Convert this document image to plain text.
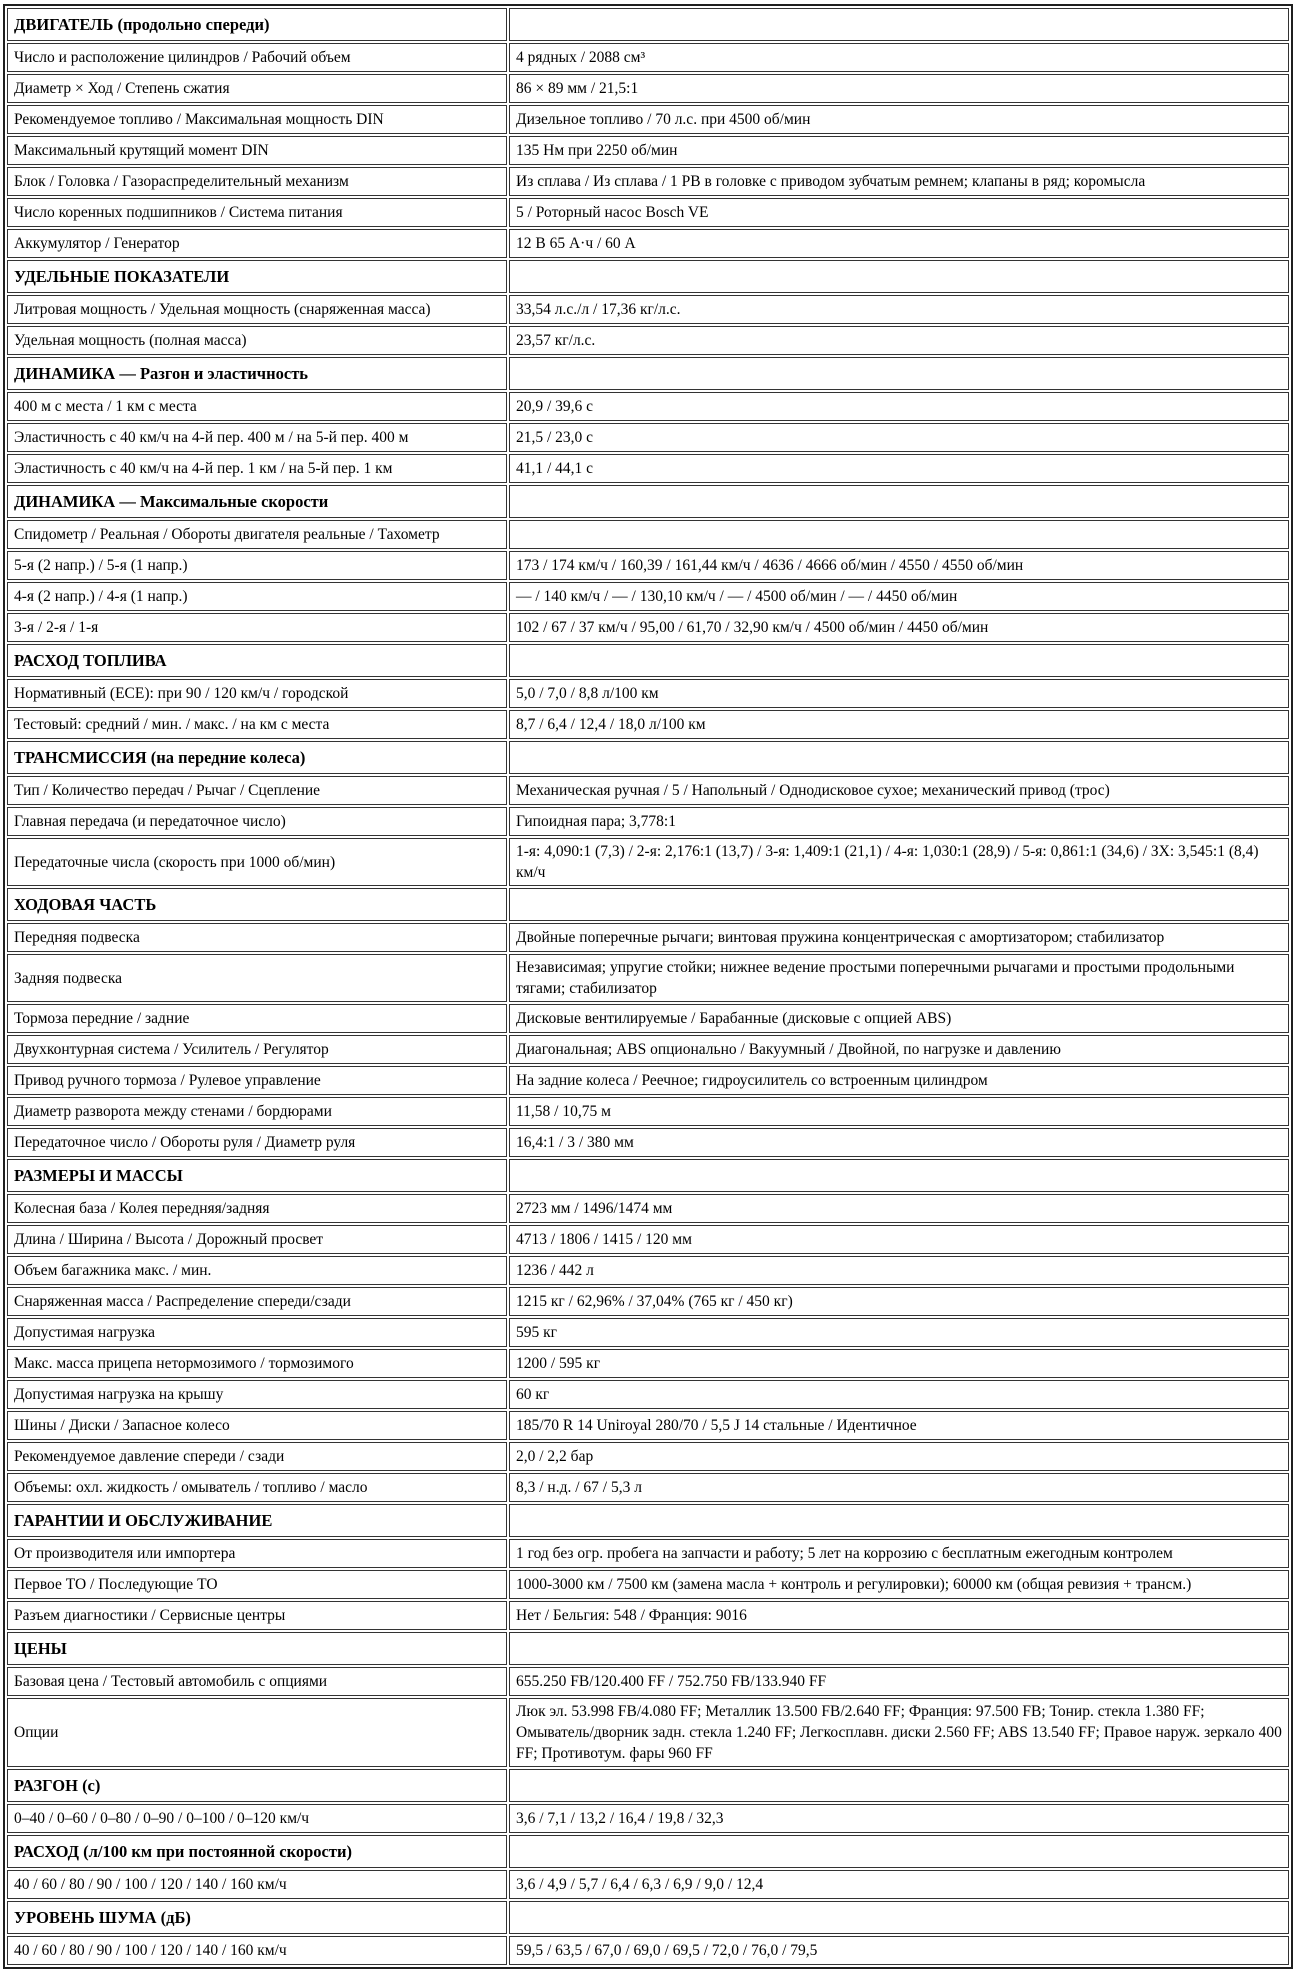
ДВИГАТЕЛЬ (продольно спереди)	
Число и расположение цилиндров / Рабочий объем	4 рядных / 2088 см³
Диаметр × Ход / Степень сжатия	86 × 89 мм / 21,5:1
Рекомендуемое топливо / Максимальная мощность DIN	Дизельное топливо / 70 л.с. при 4500 об/мин
Максимальный крутящий момент DIN	135 Нм при 2250 об/мин
Блок / Головка / Газораспределительный механизм	Из сплава / Из сплава / 1 РВ в головке с приводом зубчатым ремнем; клапаны в ряд; коромысла
Число коренных подшипников / Система питания	5 / Роторный насос Bosch VE
Аккумулятор / Генератор	12 В 65 А·ч / 60 А
УДЕЛЬНЫЕ ПОКАЗАТЕЛИ	
Литровая мощность / Удельная мощность (снаряженная масса)	33,54 л.с./л / 17,36 кг/л.с.
Удельная мощность (полная масса)	23,57 кг/л.с.
ДИНАМИКА — Разгон и эластичность	
400 м с места / 1 км с места	20,9 / 39,6 с
Эластичность с 40 км/ч на 4-й пер. 400 м / на 5-й пер. 400 м	21,5 / 23,0 с
Эластичность с 40 км/ч на 4-й пер. 1 км / на 5-й пер. 1 км	41,1 / 44,1 с
ДИНАМИКА — Максимальные скорости	
Спидометр / Реальная / Обороты двигателя реальные / Тахометр	
5-я (2 напр.) / 5-я (1 напр.)	173 / 174 км/ч / 160,39 / 161,44 км/ч / 4636 / 4666 об/мин / 4550 / 4550 об/мин
4-я (2 напр.) / 4-я (1 напр.)	— / 140 км/ч / — / 130,10 км/ч / — / 4500 об/мин / — / 4450 об/мин
3-я / 2-я / 1-я	102 / 67 / 37 км/ч / 95,00 / 61,70 / 32,90 км/ч / 4500 об/мин / 4450 об/мин
РАСХОД ТОПЛИВА	
Нормативный (ECE): при 90 / 120 км/ч / городской	5,0 / 7,0 / 8,8 л/100 км
Тестовый: средний / мин. / макс. / на км с места	8,7 / 6,4 / 12,4 / 18,0 л/100 км
ТРАНСМИССИЯ (на передние колеса)	
Тип / Количество передач / Рычаг / Сцепление	Механическая ручная / 5 / Напольный / Однодисковое сухое; механический привод (трос)
Главная передача (и передаточное число)	Гипоидная пара; 3,778:1
Передаточные числа (скорость при 1000 об/мин)	1-я: 4,090:1 (7,3) / 2-я: 2,176:1 (13,7) / 3-я: 1,409:1 (21,1) / 4-я: 1,030:1 (28,9) / 5-я: 0,861:1 (34,6) / ЗХ: 3,545:1 (8,4) км/ч
ХОДОВАЯ ЧАСТЬ	
Передняя подвеска	Двойные поперечные рычаги; винтовая пружина концентрическая с амортизатором; стабилизатор
Задняя подвеска	Независимая; упругие стойки; нижнее ведение простыми поперечными рычагами и простыми продольными тягами; стабилизатор
Тормоза передние / задние	Дисковые вентилируемые / Барабанные (дисковые с опцией ABS)
Двухконтурная система / Усилитель / Регулятор	Диагональная; ABS опционально / Вакуумный / Двойной, по нагрузке и давлению
Привод ручного тормоза / Рулевое управление	На задние колеса / Реечное; гидроусилитель со встроенным цилиндром
Диаметр разворота между стенами / бордюрами	11,58 / 10,75 м
Передаточное число / Обороты руля / Диаметр руля	16,4:1 / 3 / 380 мм
РАЗМЕРЫ И МАССЫ	
Колесная база / Колея передняя/задняя	2723 мм / 1496/1474 мм
Длина / Ширина / Высота / Дорожный просвет	4713 / 1806 / 1415 / 120 мм
Объем багажника макс. / мин.	1236 / 442 л
Снаряженная масса / Распределение спереди/сзади	1215 кг / 62,96% / 37,04% (765 кг / 450 кг)
Допустимая нагрузка	595 кг
Макс. масса прицепа нетормозимого / тормозимого	1200 / 595 кг
Допустимая нагрузка на крышу	60 кг
Шины / Диски / Запасное колесо	185/70 R 14 Uniroyal 280/70 / 5,5 J 14 стальные / Идентичное
Рекомендуемое давление спереди / сзади	2,0 / 2,2 бар
Объемы: охл. жидкость / омыватель / топливо / масло	8,3 / н.д. / 67 / 5,3 л
ГАРАНТИИ И ОБСЛУЖИВАНИЕ	
От производителя или импортера	1 год без огр. пробега на запчасти и работу; 5 лет на коррозию с бесплатным ежегодным контролем
Первое ТО / Последующие ТО	1000-3000 км / 7500 км (замена масла + контроль и регулировки); 60000 км (общая ревизия + трансм.)
Разъем диагностики / Сервисные центры	Нет / Бельгия: 548 / Франция: 9016
ЦЕНЫ	
Базовая цена / Тестовый автомобиль с опциями	655.250 FB/120.400 FF / 752.750 FB/133.940 FF
Опции	Люк эл. 53.998 FB/4.080 FF; Металлик 13.500 FB/2.640 FF; Франция: 97.500 FB; Тонир. стекла 1.380 FF; Омыватель/дворник задн. стекла 1.240 FF; Легкосплавн. диски 2.560 FF; ABS 13.540 FF; Правое наруж. зеркало 400 FF; Противотум. фары 960 FF
РАЗГОН (с)	
0–40 / 0–60 / 0–80 / 0–90 / 0–100 / 0–120 км/ч	3,6 / 7,1 / 13,2 / 16,4 / 19,8 / 32,3
РАСХОД (л/100 км при постоянной скорости)	
40 / 60 / 80 / 90 / 100 / 120 / 140 / 160 км/ч	3,6 / 4,9 / 5,7 / 6,4 / 6,3 / 6,9 / 9,0 / 12,4
УРОВЕНЬ ШУМА (дБ)	
40 / 60 / 80 / 90 / 100 / 120 / 140 / 160 км/ч	59,5 / 63,5 / 67,0 / 69,0 / 69,5 / 72,0 / 76,0 / 79,5
